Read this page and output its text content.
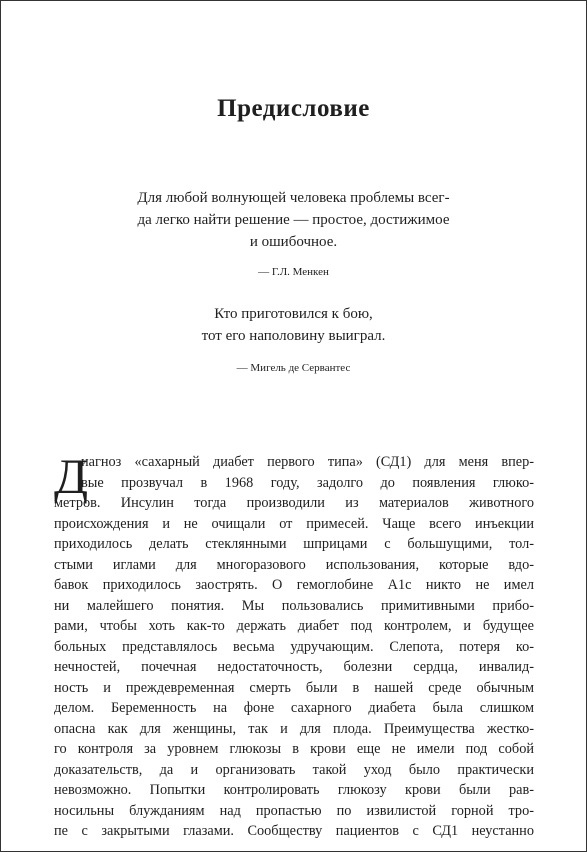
Предисловие
Для любой волнующей человека проблемы всег-
да легко найти решение — простое, достижимое
и ошибочное.
— Г.Л. Менкен
Кто приготовился к бою,
тот его наполовину выиграл.
— Мигель де Сервантес
Д
иагноз «сахарный диабет первого типа» (СД1) для меня впер-
вые прозвучал в 1968 году, задолго до появления глюко-
метров. Инсулин тогда производили из материалов животного
происхождения и не очищали от примесей. Чаще всего инъекции
приходилось делать стеклянными шприцами с большущими, тол-
стыми иглами для многоразового использования, которые вдо-
бавок приходилось заострять. О гемоглобине A1с никто не имел
ни малейшего понятия. Мы пользовались примитивными прибо-
рами, чтобы хоть как-то держать диабет под контролем, и будущее
больных представлялось весьма удручающим. Слепота, потеря ко-
нечностей, почечная недостаточность, болезни сердца, инвалид-
ность и преждевременная смерть были в нашей среде обычным
делом. Беременность на фоне сахарного диабета была слишком
опасна как для женщины, так и для плода. Преимущества жестко-
го контроля за уровнем глюкозы в крови еще не имели под собой
доказательств, да и организовать такой уход было практически
невозможно. Попытки контролировать глюкозу крови были рав-
носильны блужданиям над пропастью по извилистой горной тро-
пе с закрытыми глазами. Сообществу пациентов с СД1 неустанно
